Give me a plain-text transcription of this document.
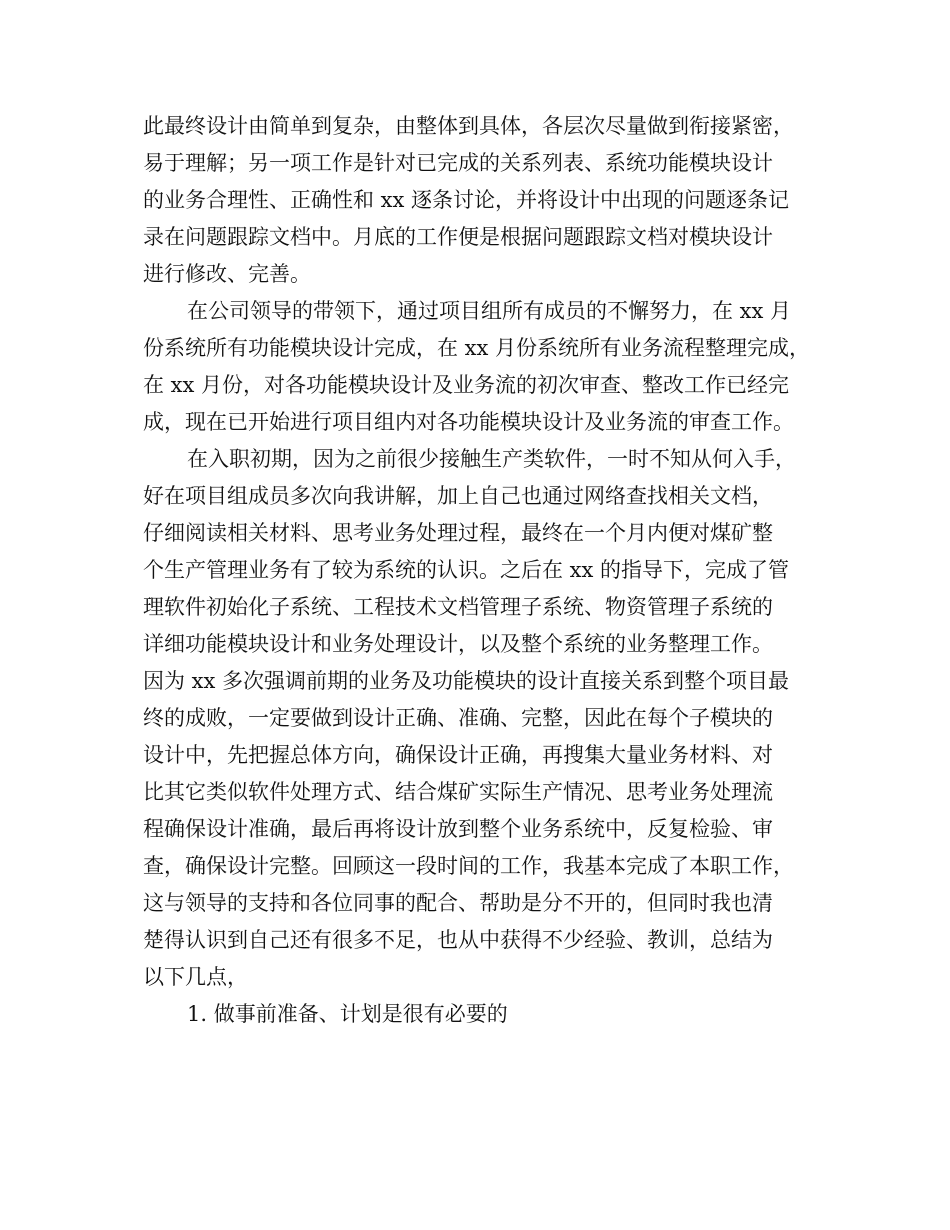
此最终设计由简单到复杂，由整体到具体，各层次尽量做到衔接紧密，
易于理解；另一项工作是针对已完成的关系列表、系统功能模块设计
的业务合理性、正确性和 xx 逐条讨论，并将设计中出现的问题逐条记
录在问题跟踪文档中。月底的工作便是根据问题跟踪文档对模块设计
进行修改、完善。
在公司领导的带领下，通过项目组所有成员的不懈努力，在 xx 月
份系统所有功能模块设计完成，在 xx 月份系统所有业务流程整理完成，
在 xx 月份，对各功能模块设计及业务流的初次审查、整改工作已经完
成，现在已开始进行项目组内对各功能模块设计及业务流的审查工作。
在入职初期，因为之前很少接触生产类软件，一时不知从何入手，
好在项目组成员多次向我讲解，加上自己也通过网络查找相关文档，
仔细阅读相关材料、思考业务处理过程，最终在一个月内便对煤矿整
个生产管理业务有了较为系统的认识。之后在 xx 的指导下，完成了管
理软件初始化子系统、工程技术文档管理子系统、物资管理子系统的
详细功能模块设计和业务处理设计，以及整个系统的业务整理工作。
因为 xx 多次强调前期的业务及功能模块的设计直接关系到整个项目最
终的成败，一定要做到设计正确、准确、完整，因此在每个子模块的
设计中，先把握总体方向，确保设计正确，再搜集大量业务材料、对
比其它类似软件处理方式、结合煤矿实际生产情况、思考业务处理流
程确保设计准确，最后再将设计放到整个业务系统中，反复检验、审
查，确保设计完整。回顾这一段时间的工作，我基本完成了本职工作，
这与领导的支持和各位同事的配合、帮助是分不开的，但同时我也清
楚得认识到自己还有很多不足，也从中获得不少经验、教训，总结为
以下几点，
1. 做事前准备、计划是很有必要的
